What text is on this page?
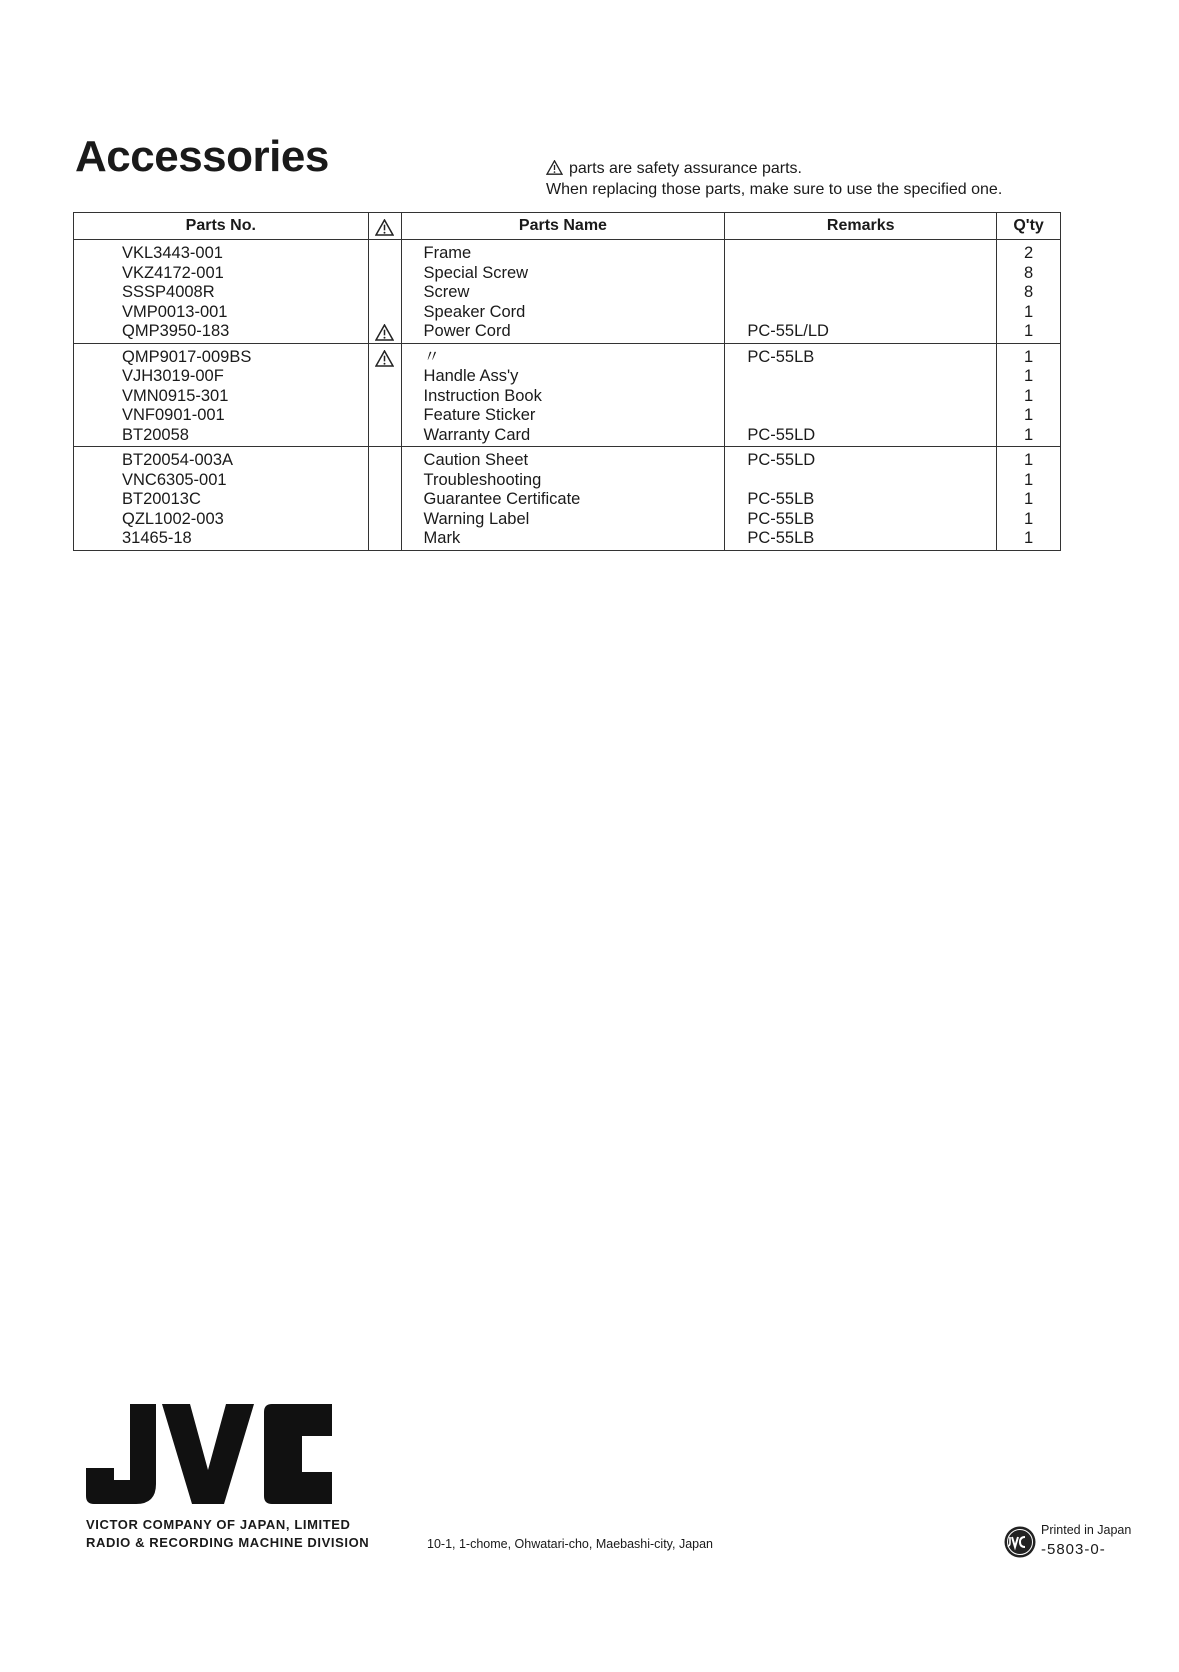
Accessories	parts are safety assurance parts.
When replacing those parts, make sure to use the specified one.
Parts No.		Parts Name	Remarks	Q'ty
VKL3443-001		Frame		2
VKZ4172-001		Special Screw		8
SSSP4008R		Screw		8
VMP0013-001		Speaker Cord		1
QMP3950-183		Power Cord	PC-55L/LD	1
QMP9017-009BS		〃	PC-55LB	1
VJH3019-00F		Handle Ass'y		1
VMN0915-301		Instruction Book		1
VNF0901-001		Feature Sticker		1
BT20058		Warranty Card	PC-55LD	1
BT20054-003A		Caution Sheet	PC-55LD	1
VNC6305-001		Troubleshooting		1
BT20013C		Guarantee Certificate	PC-55LB	1
QZL1002-003		Warning Label	PC-55LB	1
31465-18		Mark	PC-55LB	1
VICTOR COMPANY OF JAPAN, LIMITED
RADIO & RECORDING MACHINE DIVISION	10-1, 1-chome, Ohwatari-cho, Maebashi-city, Japan
Printed in Japan
-5803-0-
